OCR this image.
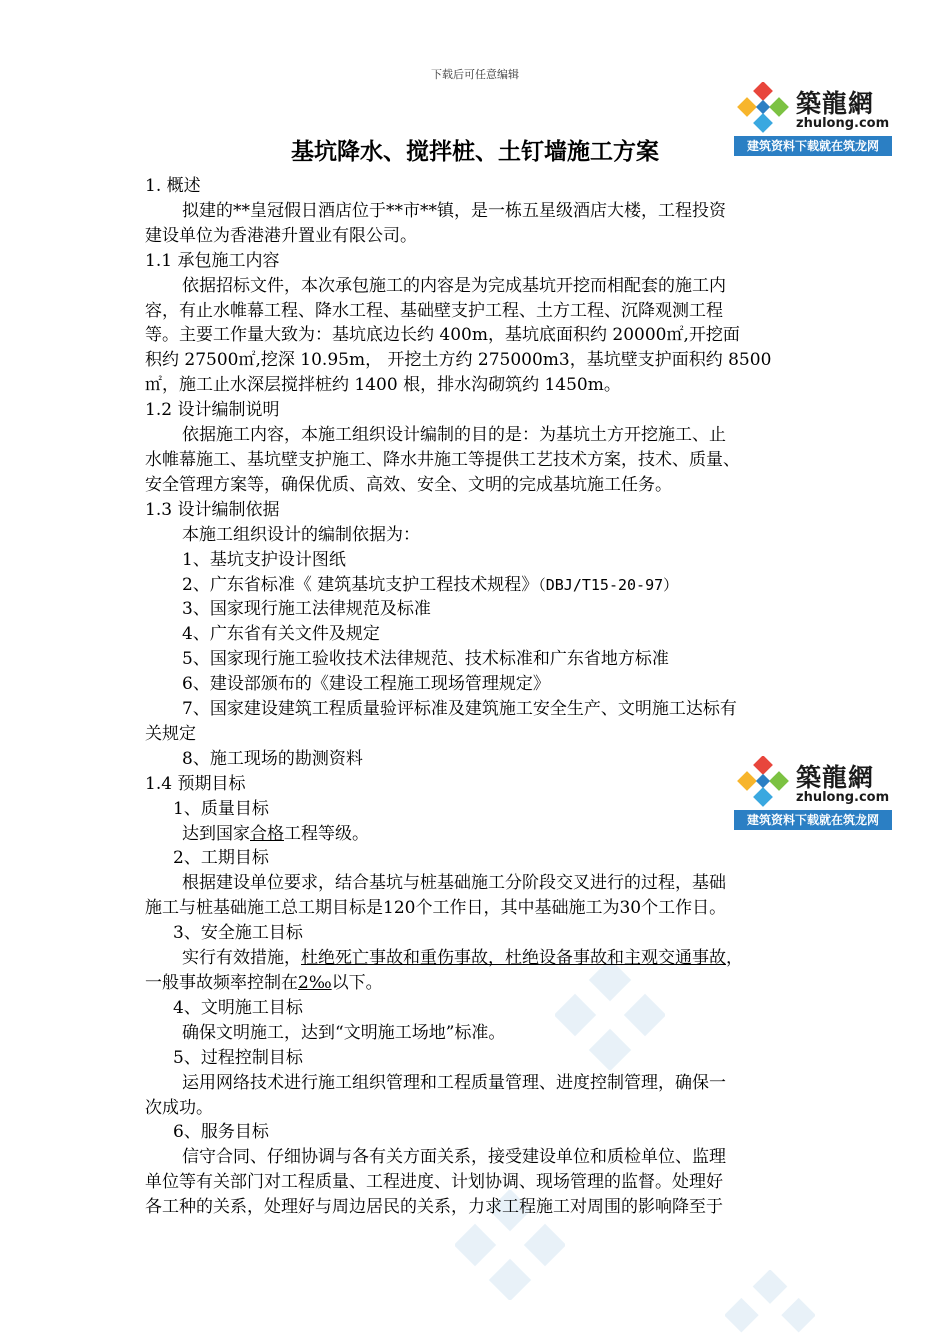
下载后可任意编辑
築龍網
zhulong.com
建筑资料下载就在筑龙网
築龍網
zhulong.com
建筑资料下载就在筑龙网
基坑降水、搅拌桩、土钉墙施工方案

1. 概述

拟建的**皇冠假日酒店位于**市**镇，是一栋五星级酒店大楼，工程投资

建设单位为香港港升置业有限公司。

1.1 承包施工内容

依据招标文件，本次承包施工的内容是为完成基坑开挖而相配套的施工内

容，有止水帷幕工程、降水工程、基础壁支护工程、土方工程、沉降观测工程

等。主要工作量大致为：基坑底边长约 400m，基坑底面积约 20000㎡,开挖面

积约 27500㎡,挖深 10.95m， 开挖土方约 275000m3，基坑壁支护面积约 8500

㎡，施工止水深层搅拌桩约 1400 根，排水沟砌筑约 1450m。

1.2 设计编制说明

依据施工内容，本施工组织设计编制的目的是：为基坑土方开挖施工、止

水帷幕施工、基坑壁支护施工、降水井施工等提供工艺技术方案，技术、质量、

安全管理方案等，确保优质、高效、安全、文明的完成基坑施工任务。

1.3 设计编制依据

本施工组织设计的编制依据为：

1、基坑支护设计图纸

2、广东省标准《 建筑基坑支护工程技术规程》（DBJ/T15-20-97）

3、国家现行施工法律规范及标准

4、广东省有关文件及规定

5、国家现行施工验收技术法律规范、技术标准和广东省地方标准

6、建设部颁布的《建设工程施工现场管理规定》

7、国家建设建筑工程质量验评标准及建筑施工安全生产、文明施工达标有

关规定

8、施工现场的勘测资料

1.4 预期目标

1、质量目标

达到国家合格工程等级。

2、工期目标

根据建设单位要求，结合基坑与桩基础施工分阶段交叉进行的过程，基础

施工与桩基础施工总工期目标是120个工作日，其中基础施工为30个工作日。

3、安全施工目标

实行有效措施，杜绝死亡事故和重伤事故，杜绝设备事故和主观交通事故，

一般事故频率控制在2‰以下。

4、文明施工目标

确保文明施工，达到“文明施工场地”标准。

5、过程控制目标

运用网络技术进行施工组织管理和工程质量管理、进度控制管理，确保一

次成功。

6、服务目标

信守合同、仔细协调与各有关方面关系，接受建设单位和质检单位、监理

单位等有关部门对工程质量、工程进度、计划协调、现场管理的监督。处理好

各工种的关系，处理好与周边居民的关系，力求工程施工对周围的影响降至于
